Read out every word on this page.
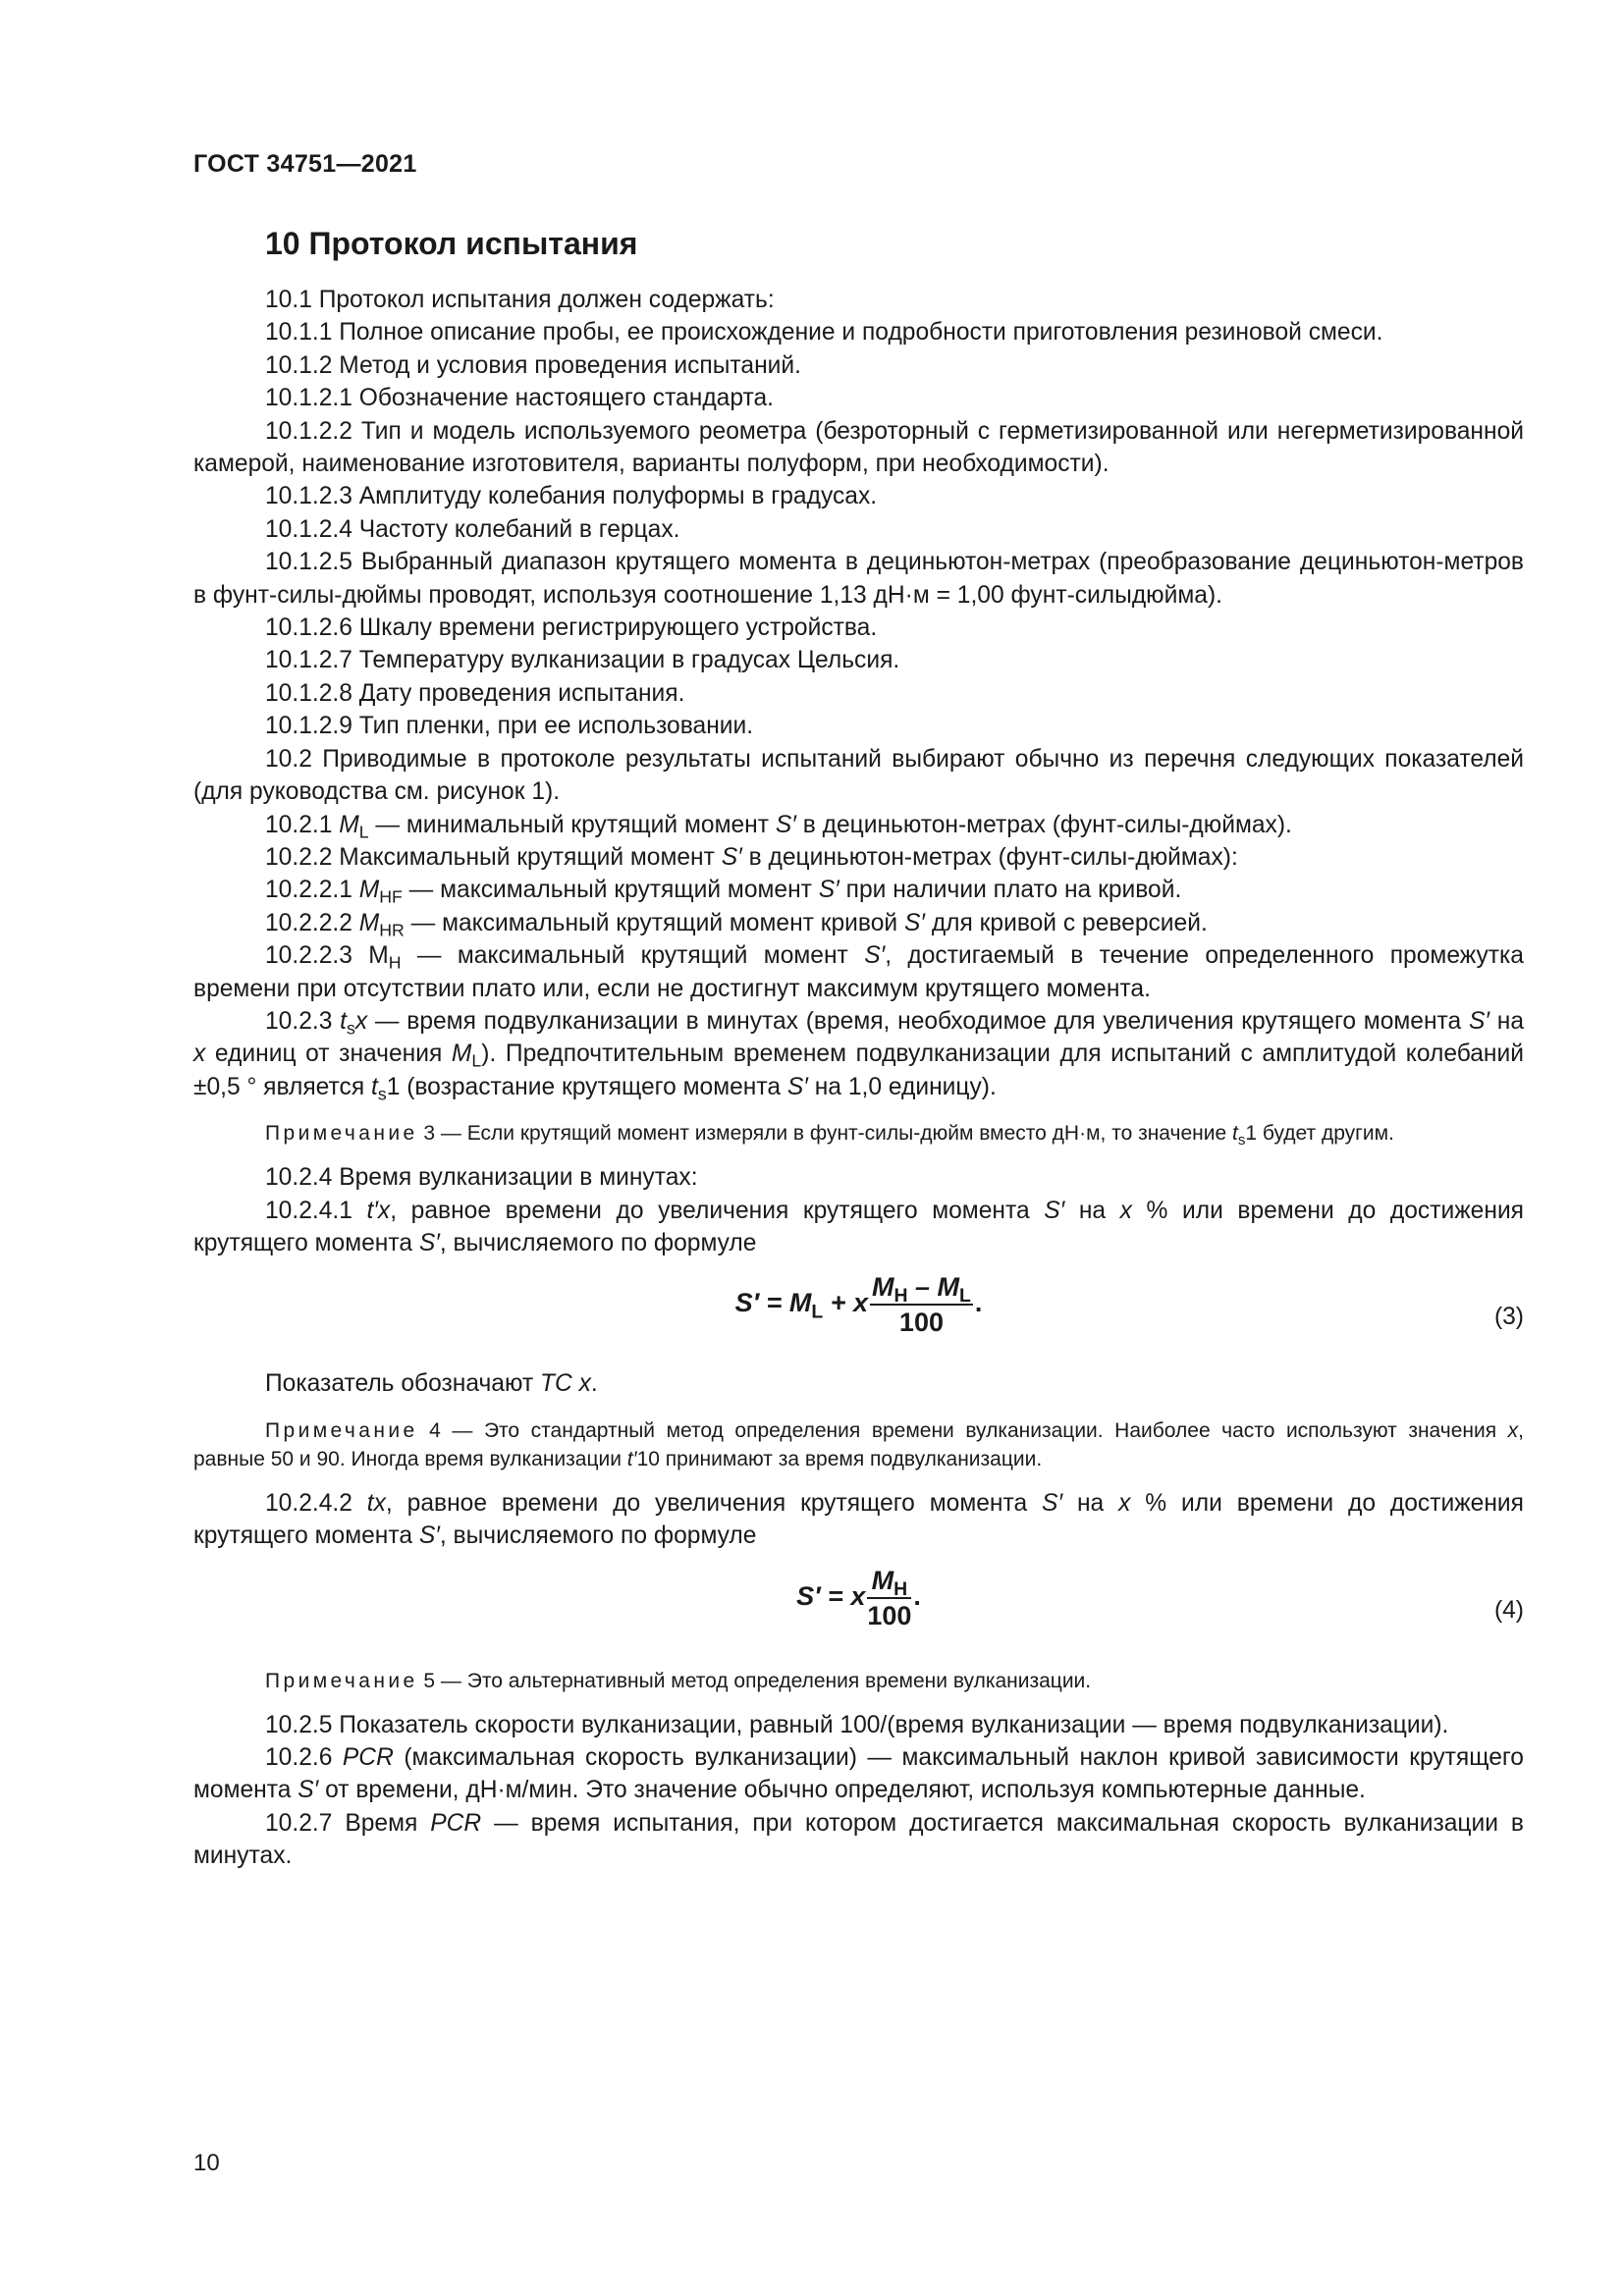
ГОСТ 34751—2021
10 Протокол испытания

10.1 Протокол испытания должен содержать:

10.1.1 Полное описание пробы, ее происхождение и подробности приготовления резиновой смеси.

10.1.2 Метод и условия проведения испытаний.

10.1.2.1 Обозначение настоящего стандарта.

10.1.2.2 Тип и модель используемого реометра (безроторный с герметизированной или негерметизированной камерой, наименование изготовителя, варианты полуформ, при необходимости).

10.1.2.3 Амплитуду колебания полуформы в градусах.

10.1.2.4 Частоту колебаний в герцах.

10.1.2.5 Выбранный диапазон крутящего момента в дециньютон-метрах (преобразование дециньютон-метров в фунт-силы-дюймы проводят, используя соотношение 1,13 дН·м = 1,00 фунт-силыдюйма).

10.1.2.6 Шкалу времени регистрирующего устройства.

10.1.2.7 Температуру вулканизации в градусах Цельсия.

10.1.2.8 Дату проведения испытания.

10.1.2.9 Тип пленки, при ее использовании.

10.2 Приводимые в протоколе результаты испытаний выбирают обычно из перечня следующих показателей (для руководства см. рисунок 1).

10.2.1 $M_L$ — минимальный крутящий момент S′ в дециньютон-метрах (фунт-силы-дюймах).

10.2.2 Максимальный крутящий момент S′ в дециньютон-метрах (фунт-силы-дюймах):

10.2.2.1 $M_{HF}$ — максимальный крутящий момент S′ при наличии плато на кривой.

10.2.2.2 $M_{HR}$ — максимальный крутящий момент кривой S′ для кривой с реверсией.

10.2.2.3 $M_H$ — максимальный крутящий момент S′, достигаемый в течение определенного промежутка времени при отсутствии плато или, если не достигнут максимум крутящего момента.

10.2.3 $t_sx$ — время подвулканизации в минутах (время, необходимое для увеличения крутящего момента S′ на x единиц от значения $M_L$). Предпочтительным временем подвулканизации для испытаний с амплитудой колебаний ±0,5 ° является $t_s1$ (возрастание крутящего момента S′ на 1,0 единицу).

Примечание 3 — Если крутящий момент измеряли в фунт-силы-дюйм вместо дН·м, то значение $t_s1$ будет другим.

10.2.4 Время вулканизации в минутах:

10.2.4.1 t′x, равное времени до увеличения крутящего момента S′ на x % или времени до достижения крутящего момента S′, вычисляемого по формуле

$S' = M_L + x \frac{M_H - M_L}{100}$ .	(3)

Показатель обозначают TC x.

Примечание 4 — Это стандартный метод определения времени вулканизации. Наиболее часто используют значения x, равные 50 и 90. Иногда время вулканизации t′10 принимают за время подвулканизации.

10.2.4.2 tx, равное времени до увеличения крутящего момента S′ на x % или времени до достижения крутящего момента S′, вычисляемого по формуле

S′ = x $\frac{M_H}{100}$ .	(4)

Примечание 5 — Это альтернативный метод определения времени вулканизации.

10.2.5 Показатель скорости вулканизации, равный 100/(время вулканизации — время подвулканизации).

10.2.6 PCR (максимальная скорость вулканизации) — максимальный наклон кривой зависимости крутящего момента S′ от времени, дН·м/мин. Это значение обычно определяют, используя компьютерные данные.

10.2.7 Время PCR — время испытания, при котором достигается максимальная скорость вулканизации в минутах.

10
